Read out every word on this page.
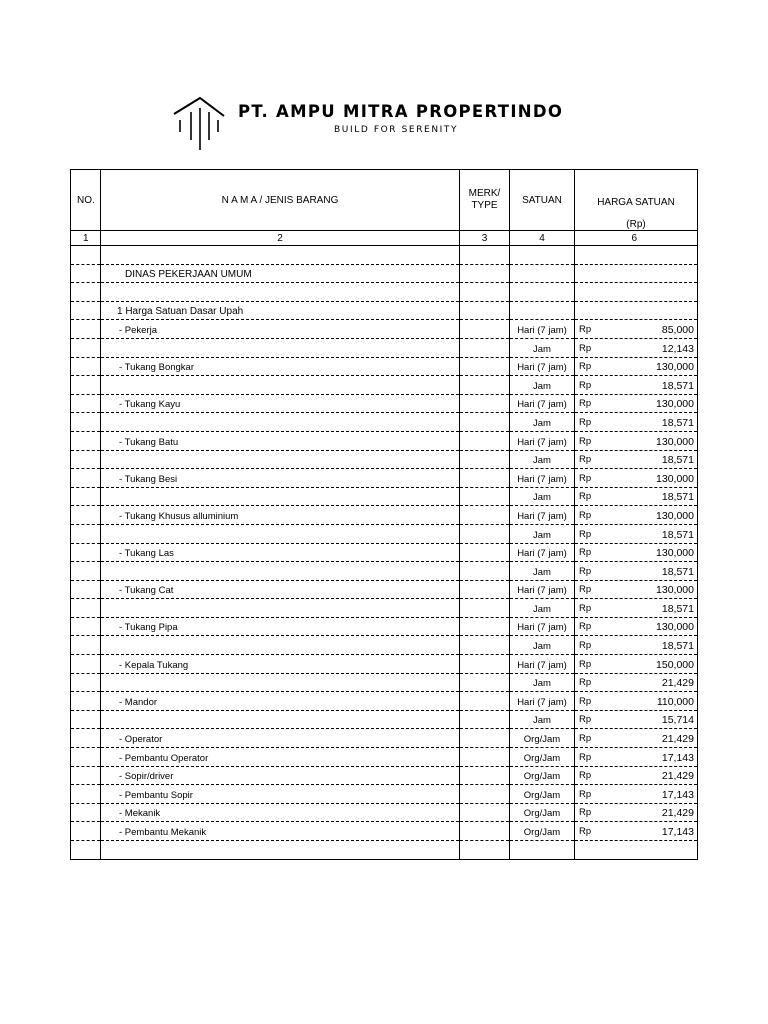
PT. AMPU MITRA PROPERTINDO
BUILD FOR SERENITY
NO.	N A M A / JENIS BARANG	MERK/
TYPE	SATUAN	HARGA SATUAN
(Rp)

1	2	3	4	6

	DINAS PEKERJAAN UMUM			

	1 Harga Satuan Dasar Upah			
	- Pekerja		Hari (7 jam)	Rp 85,000

			Jam	Rp 12,143

	- Tukang Bongkar		Hari (7 jam)	Rp 130,000

			Jam	Rp 18,571

	- Tukang Kayu		Hari (7 jam)	Rp 130,000

			Jam	Rp 18,571

	- Tukang Batu		Hari (7 jam)	Rp 130,000

			Jam	Rp 18,571

	- Tukang Besi		Hari (7 jam)	Rp 130,000

			Jam	Rp 18,571

	- Tukang Khusus alluminium		Hari (7 jam)	Rp 130,000

			Jam	Rp 18,571

	- Tukang Las		Hari (7 jam)	Rp 130,000

			Jam	Rp 18,571

	- Tukang Cat		Hari (7 jam)	Rp 130,000

			Jam	Rp 18,571

	- Tukang Pipa		Hari (7 jam)	Rp 130,000

			Jam	Rp 18,571

	- Kepala Tukang		Hari (7 jam)	Rp 150,000

			Jam	Rp 21,429

	- Mandor		Hari (7 jam)	Rp 110,000

			Jam	Rp 15,714

	- Operator		Org/Jam	Rp 21,429

	- Pembantu Operator		Org/Jam	Rp 17,143

	- Sopir/driver		Org/Jam	Rp 21,429

	- Pembantu Sopir		Org/Jam	Rp 17,143

	- Mekanik		Org/Jam	Rp 21,429

	- Pembantu Mekanik		Org/Jam	Rp 17,143
